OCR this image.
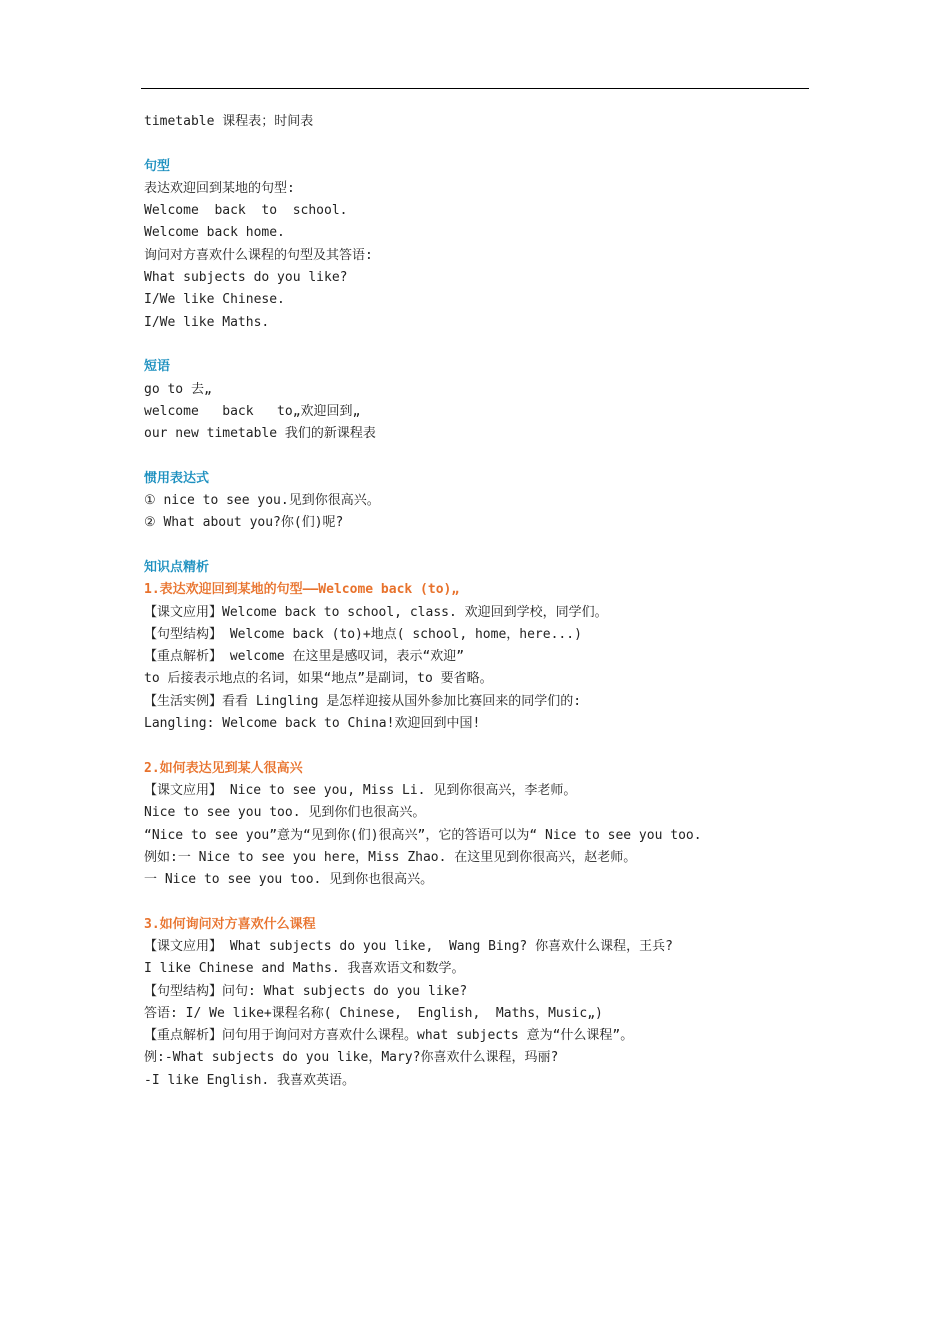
timetable 课程表；时间表
句型
表达欢迎回到某地的句型:
Welcome  back  to  school.
Welcome back home.
询问对方喜欢什么课程的句型及其答语:
What subjects do you like?
I/We like Chinese.
I/We like Maths.
短语
go to 去„
welcome   back   to„欢迎回到„
our new timetable 我们的新课程表
惯用表达式
① nice to see you.见到你很高兴。
② What about you?你(们)呢?
知识点精析
1.表达欢迎回到某地的句型——Welcome back (to)„
【课文应用】Welcome back to school, class. 欢迎回到学校，同学们。
【句型结构】 Welcome back (to)+地点( school, home，here...)
【重点解析】 welcome 在这里是感叹词，表示“欢迎”
to 后接表示地点的名词，如果“地点”是副词，to 要省略。
【生活实例】看看 Lingling 是怎样迎接从国外参加比赛回来的同学们的:
Langling: Welcome back to China!欢迎回到中国!
2.如何表达见到某人很高兴
【课文应用】 Nice to see you, Miss Li. 见到你很高兴，李老师。
Nice to see you too. 见到你们也很高兴。
“Nice to see you”意为“见到你(们)很高兴”，它的答语可以为“ Nice to see you too.
例如:一 Nice to see you here，Miss Zhao. 在这里见到你很高兴，赵老师。
一 Nice to see you too. 见到你也很高兴。
3.如何询问对方喜欢什么课程
【课文应用】 What subjects do you like,  Wang Bing? 你喜欢什么课程，王兵?
I like Chinese and Maths. 我喜欢语文和数学。
【句型结构】问句: What subjects do you like?
答语: I/ We like+课程名称( Chinese,  English,  Maths，Music„)
【重点解析】问句用于询问对方喜欢什么课程。what subjects 意为“什么课程”。
例:-What subjects do you like，Mary?你喜欢什么课程，玛丽?
-I like English. 我喜欢英语。
